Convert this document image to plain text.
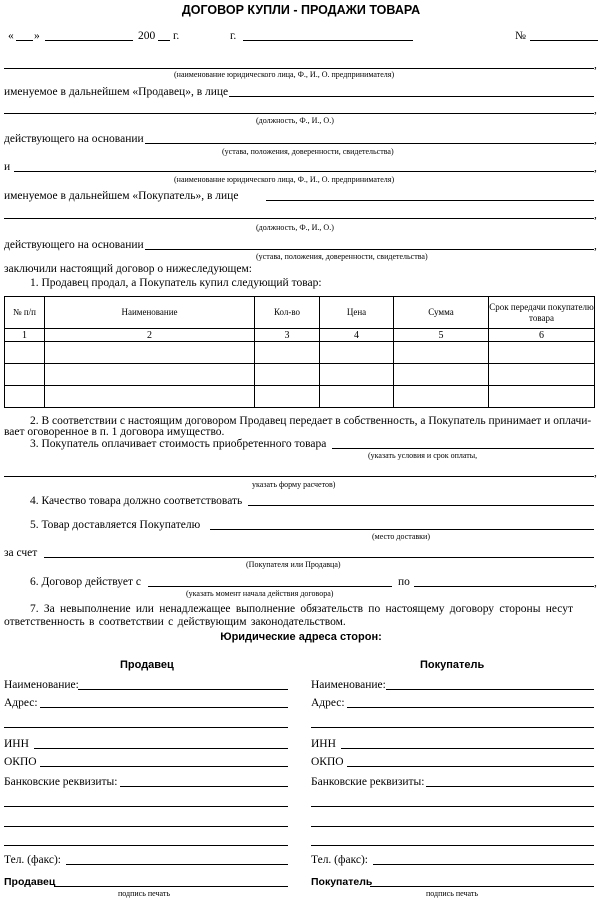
ДОГОВОР КУПЛИ - ПРОДАЖИ ТОВАРА
« »	200 г.	г.	№
,
(наименование юридического лица, Ф., И., О. предпринимателя)
именуемое в дальнейшем «Продавец», в лице
,
(должность, Ф., И., О.)
действующего на основании	,
(устава, положения, доверенности, свидетельства)
и	,
(наименование юридического лица, Ф., И., О. предпринимателя)
именуемое в дальнейшем «Покупатель», в лице
,
(должность, Ф., И., О.)
действующего на основании	,
(устава, положения, доверенности, свидетельства)
заключили настоящий договор о нижеследующем:
1. Продавец продал, а Покупатель купил следующий товар:
№ п/п	Наименование	Кол-во	Цена	Сумма	Срок передачи покупателю товара
1	2	3	4	5	6

2. В соответствии с настоящим договором Продавец передает в собственность, а Покупатель принимает и оплачи-
вает оговоренное в п. 1 договора имущество.
3. Покупатель оплачивает стоимость приобретенного товара
(указать условия и срок оплаты,
,
указать форму расчетов)
4. Качество товара должно соответствовать
5. Товар доставляется Покупателю
(место доставки)
за счет
(Покупателя или Продавца)
6. Договор действует с	по	,
(указать момент начала действия договора)
7. За невыполнение или ненадлежащее выполнение обязательств по настоящему договору стороны несут
ответственность в соответствии с действующим законодательством.
Юридические адреса сторон:
Продавец
Наименование:
Адрес:
ИНН
ОКПО
Банковские реквизиты:
Тел. (факс):
Продавец
подпись печать
Покупатель
Наименование:
Адрес:
ИНН
ОКПО
Банковские реквизиты:
Тел. (факс):
Покупатель
подпись печать
